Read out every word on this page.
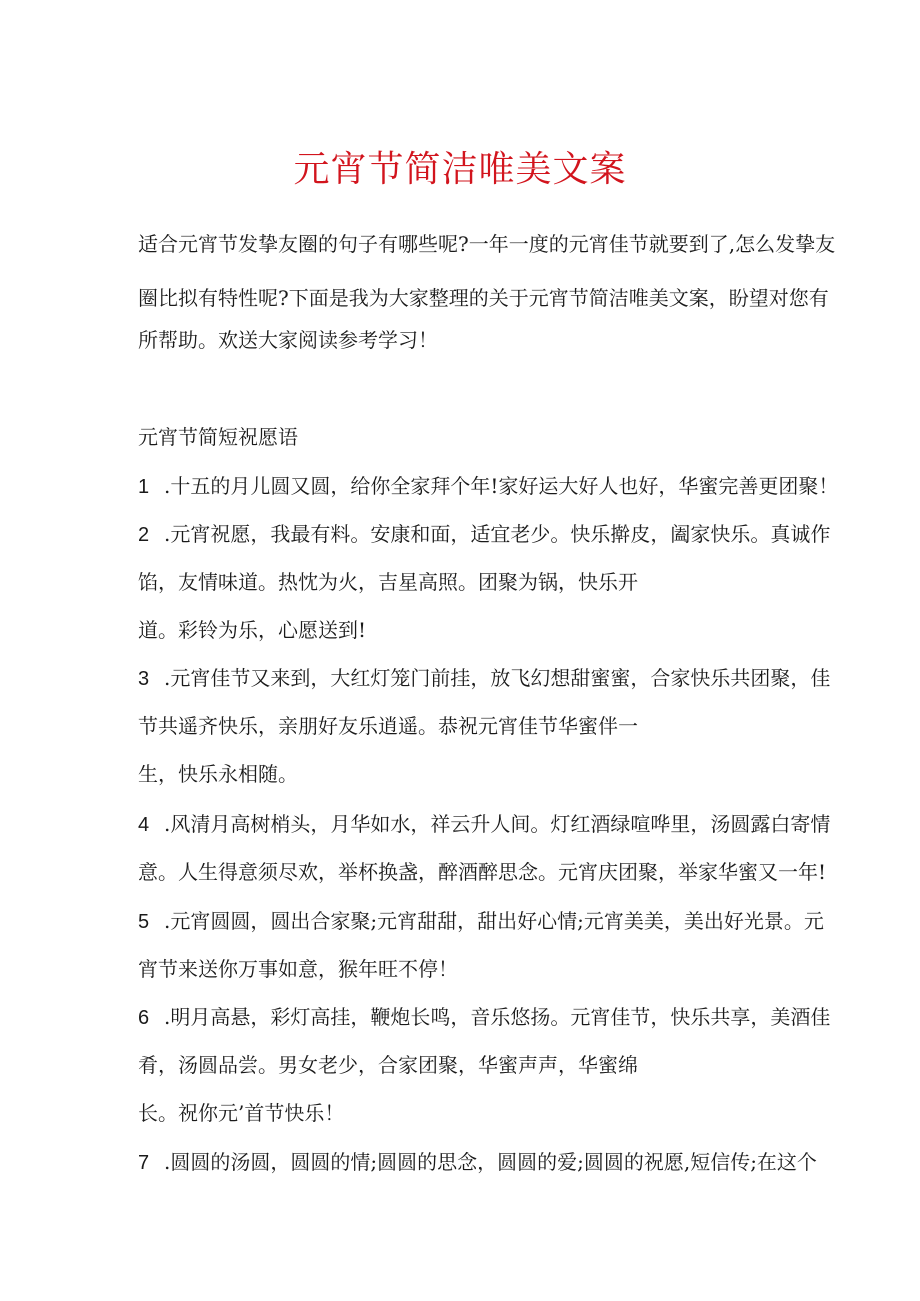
元宵节简洁唯美文案
适合元宵节发挚友圈的句子有哪些呢?一年一度的元宵佳节就要到了,怎么发挚友
圈比拟有特性呢?下面是我为大家整理的关于元宵节简洁唯美文案，盼望对您有
所帮助。欢送大家阅读参考学习！
元宵节简短祝愿语
1 .十五的月儿圆又圆，给你全家拜个年!家好运大好人也好，华蜜完善更团聚！
2 .元宵祝愿，我最有料。安康和面，适宜老少。快乐擀皮，阖家快乐。真诚作
馅，友情味道。热忱为火，吉星高照。团聚为锅，快乐开
道。彩铃为乐，心愿送到!
3 .元宵佳节又来到，大红灯笼门前挂，放飞幻想甜蜜蜜，合家快乐共团聚，佳
节共遥齐快乐，亲朋好友乐逍遥。恭祝元宵佳节华蜜伴一
生，快乐永相随。
4 .风清月高树梢头，月华如水，祥云升人间。灯红酒绿喧哗里，汤圆露白寄情
意。人生得意须尽欢，举杯换盏，醉酒醉思念。元宵庆团聚，举家华蜜又一年!
5 .元宵圆圆，圆出合家聚;元宵甜甜，甜出好心情;元宵美美，美出好光景。元
宵节来送你万事如意，猴年旺不停！
6 .明月高悬，彩灯高挂，鞭炮长鸣，音乐悠扬。元宵佳节，快乐共享，美酒佳
肴，汤圆品尝。男女老少，合家团聚，华蜜声声，华蜜绵
长。祝你元’首节快乐！
7 .圆圆的汤圆，圆圆的情;圆圆的思念，圆圆的爱;圆圆的祝愿,短信传;在这个
